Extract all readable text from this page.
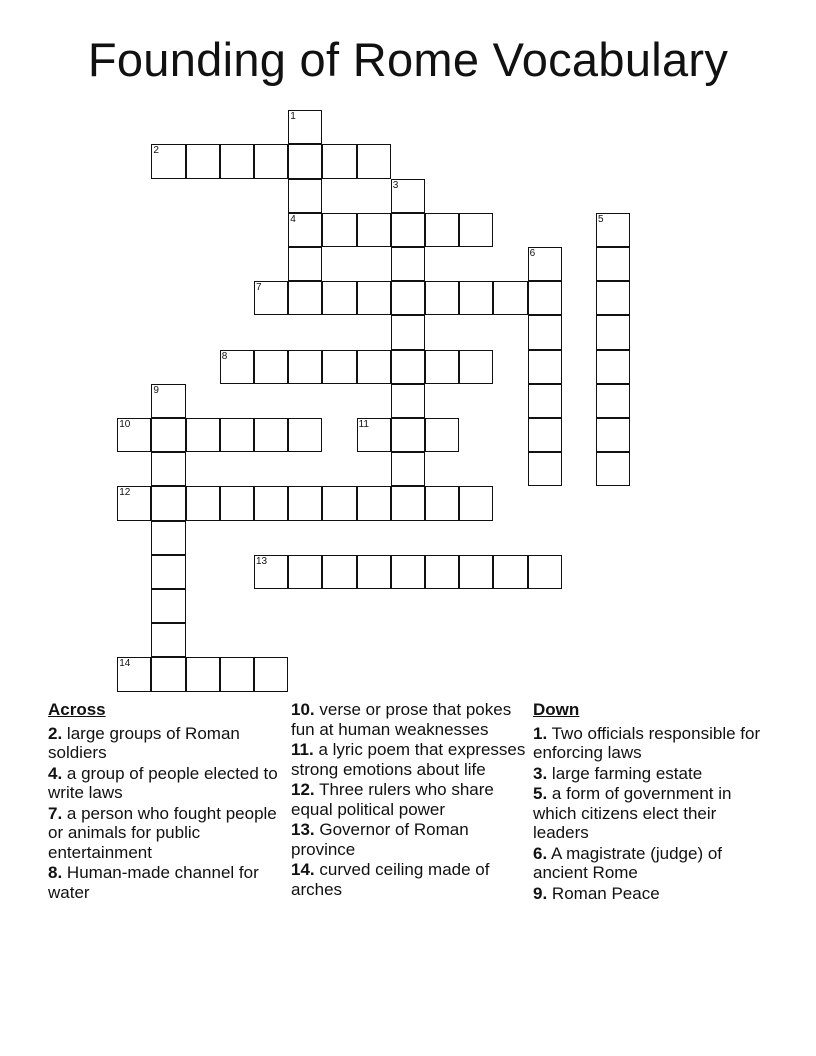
Founding of Rome Vocabulary
1
4
2
3
5
6
7
8
9
10	11
12
13
14
Across
2. large groups of Roman soldiers
4. a group of people elected to write laws
7. a person who fought people or animals for public entertainment
8. Human-made channel for water
10. verse or prose that pokes fun at human weaknesses
11. a lyric poem that expresses strong emotions about life
12. Three rulers who share equal political power
13. Governor of Roman province
14. curved ceiling made of arches
Down
1. Two officials responsible for enforcing laws
3. large farming estate
5. a form of government in which citizens elect their leaders
6. A magistrate (judge) of ancient Rome
9. Roman Peace
